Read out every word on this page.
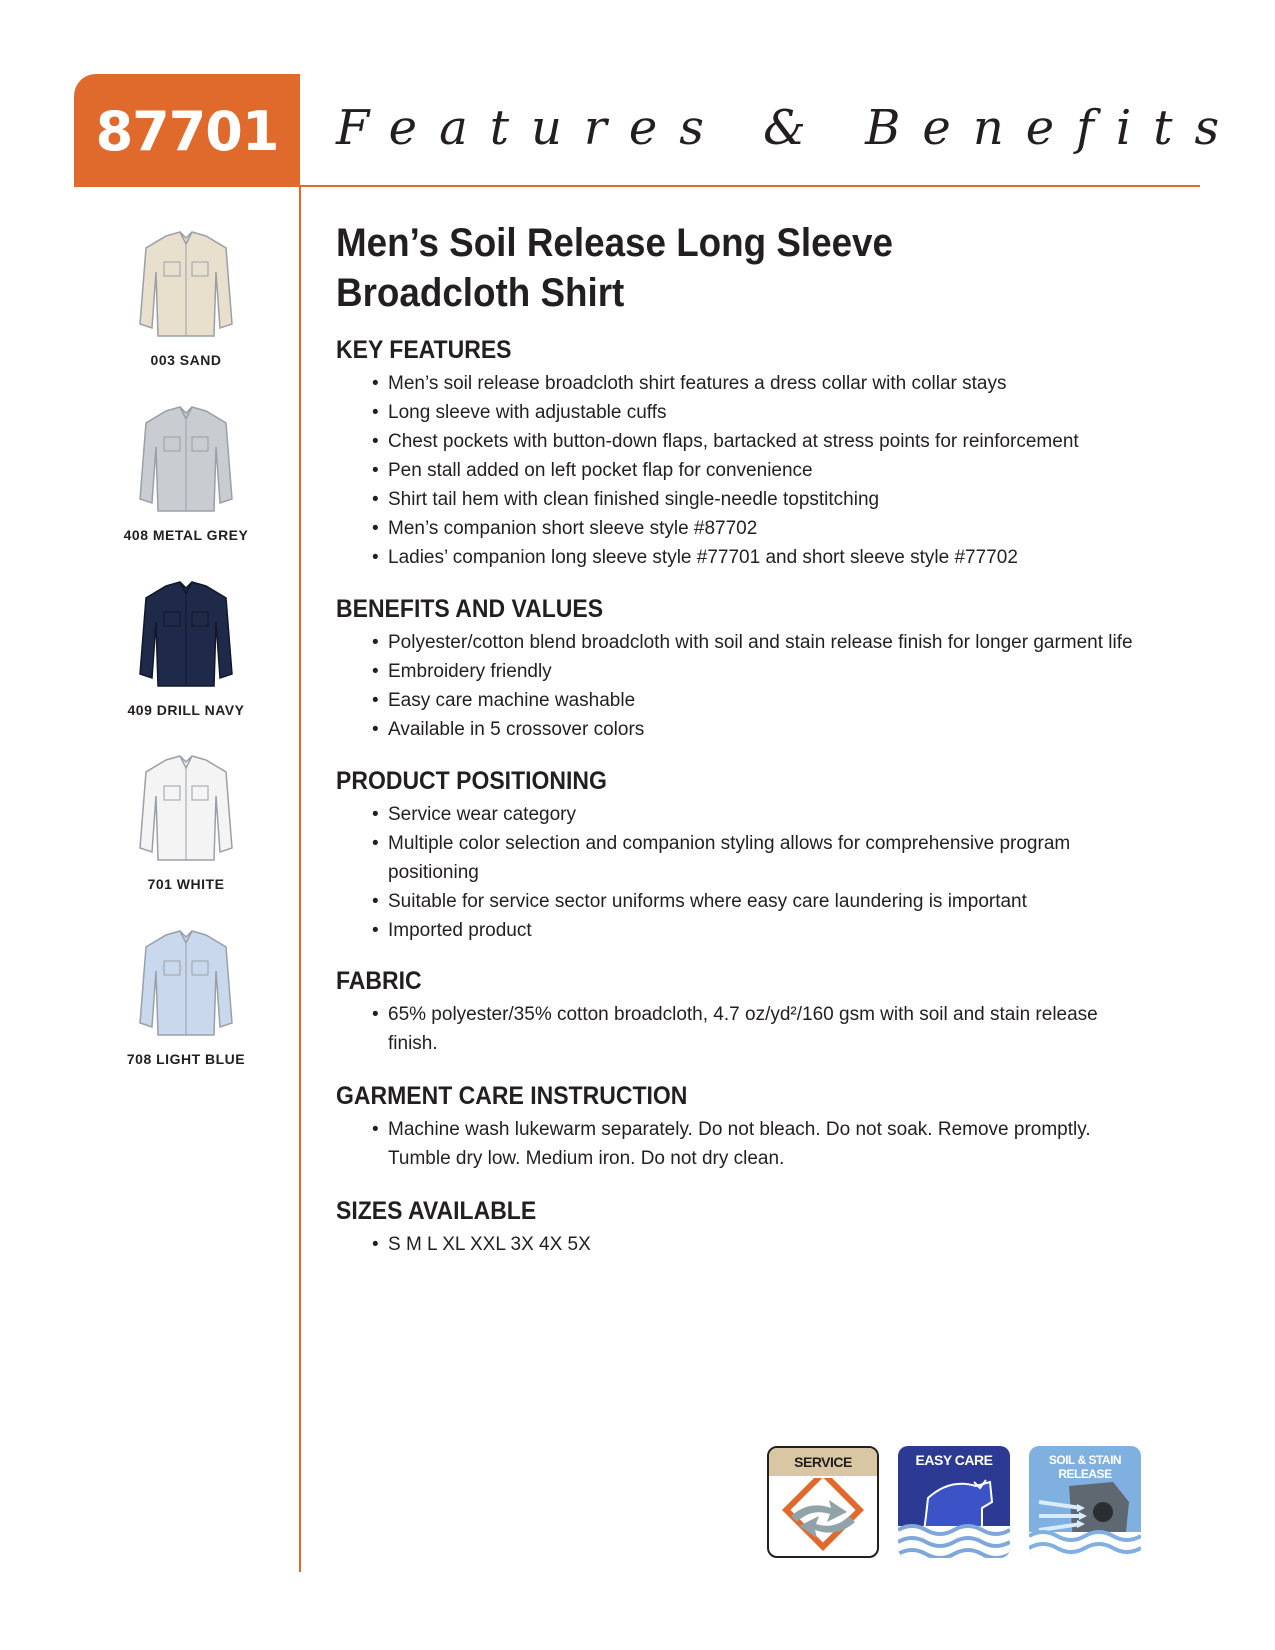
87701	Features & Benefits
003 SAND
408 METAL GREY
409 DRILL NAVY
701 WHITE
708 LIGHT BLUE
Men’s Soil Release Long Sleeve
Broadcloth Shirt
KEY FEATURES
• Men’s soil release broadcloth shirt features a dress collar with collar stays
• Long sleeve with adjustable cuffs
• Chest pockets with button-down flaps, bartacked at stress points for reinforcement
• Pen stall added on left pocket flap for convenience
• Shirt tail hem with clean finished single-needle topstitching
• Men’s companion short sleeve style #87702
• Ladies’ companion long sleeve style #77701 and short sleeve style #77702
BENEFITS AND VALUES
• Polyester/cotton blend broadcloth with soil and stain release finish for longer garment life
• Embroidery friendly
• Easy care machine washable
• Available in 5 crossover colors
PRODUCT POSITIONING
• Service wear category
• Multiple color selection and companion styling allows for comprehensive program positioning
• Suitable for service sector uniforms where easy care laundering is important
• Imported product
FABRIC
• 65% polyester/35% cotton broadcloth, 4.7 oz/yd²/160 gsm with soil and stain release finish.
GARMENT CARE INSTRUCTION
• Machine wash lukewarm separately. Do not bleach. Do not soak. Remove promptly. Tumble dry low. Medium iron. Do not dry clean.
SIZES AVAILABLE
• S M L XL XXL 3X 4X 5X
SERVICE	EASY CARE	SOIL & STAIN RELEASE
